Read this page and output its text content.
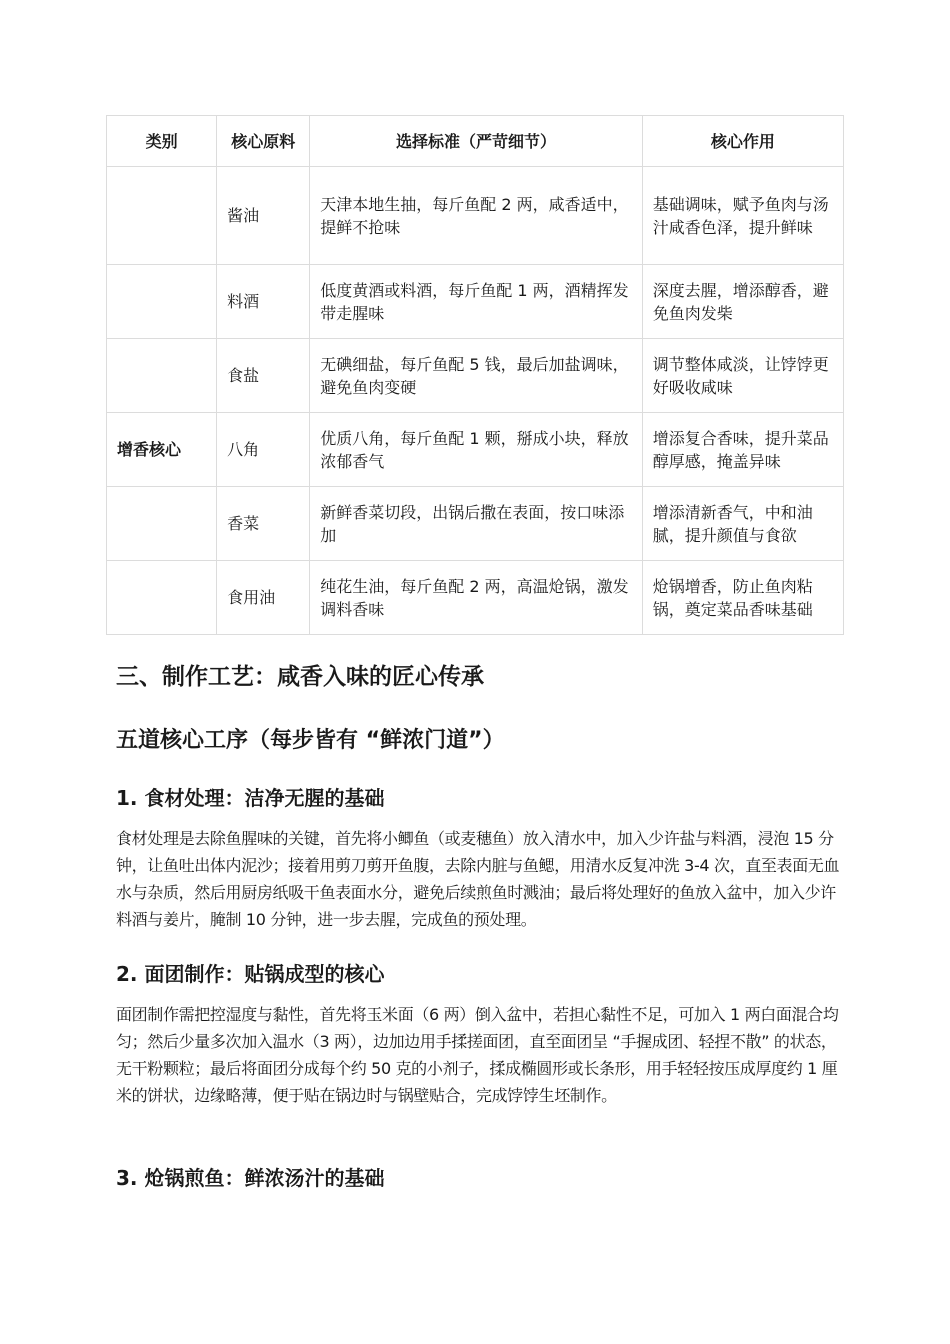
类别	核心原料	选择标准（严苛细节）	核心作用
	酱油	天津本地生抽，每斤鱼配 2 两，咸香适中，提鲜不抢味	基础调味，赋予鱼肉与汤汁咸香色泽，提升鲜味
	料酒	低度黄酒或料酒，每斤鱼配 1 两，酒精挥发带走腥味	深度去腥，增添醇香，避免鱼肉发柴
	食盐	无碘细盐，每斤鱼配 5 钱，最后加盐调味，避免鱼肉变硬	调节整体咸淡，让饽饽更好吸收咸味
增香核心	八角	优质八角，每斤鱼配 1 颗，掰成小块，释放浓郁香气	增添复合香味，提升菜品醇厚感，掩盖异味
	香菜	新鲜香菜切段，出锅后撒在表面，按口味添加	增添清新香气，中和油腻，提升颜值与食欲
	食用油	纯花生油，每斤鱼配 2 两，高温炝锅，激发调料香味	炝锅增香，防止鱼肉粘锅，奠定菜品香味基础
三、制作工艺：咸香入味的匠心传承
五道核心工序（每步皆有 “鲜浓门道”）
1. 食材处理：洁净无腥的基础

食材处理是去除鱼腥味的关键，首先将小鲫鱼（或麦穗鱼）放入清水中，加入少许盐与料酒，浸泡 15 分钟，让鱼吐出体内泥沙；接着用剪刀剪开鱼腹，去除内脏与鱼鳃，用清水反复冲洗 3-4 次，直至表面无血水与杂质，然后用厨房纸吸干鱼表面水分，避免后续煎鱼时溅油；最后将处理好的鱼放入盆中，加入少许料酒与姜片，腌制 10 分钟，进一步去腥，完成鱼的预处理。

2. 面团制作：贴锅成型的核心

面团制作需把控湿度与黏性，首先将玉米面（6 两）倒入盆中，若担心黏性不足，可加入 1 两白面混合均匀；然后少量多次加入温水（3 两），边加边用手揉搓面团，直至面团呈 “手握成团、轻捏不散” 的状态，无干粉颗粒；最后将面团分成每个约 50 克的小剂子，揉成椭圆形或长条形，用手轻轻按压成厚度约 1 厘米的饼状，边缘略薄，便于贴在锅边时与锅壁贴合，完成饽饽生坯制作。

3. 炝锅煎鱼：鲜浓汤汁的基础
